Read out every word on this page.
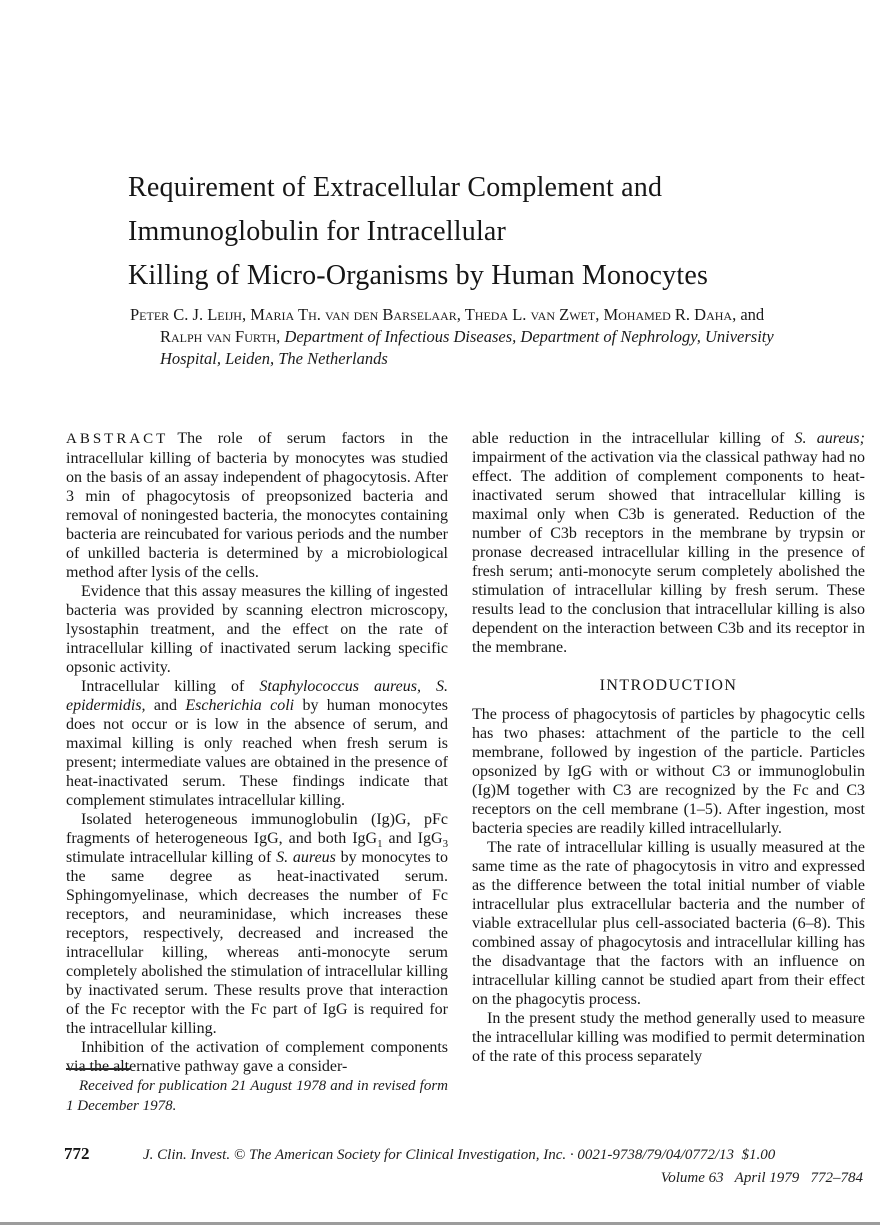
Requirement of Extracellular Complement and
Immunoglobulin for Intracellular
Killing of Micro-Organisms by Human Monocytes
Peter C. J. Leijh, Maria Th. van den Barselaar, Theda L. van Zwet, Mohamed R. Daha, and Ralph van Furth, Department of Infectious Diseases, Department of Nephrology, University Hospital, Leiden, The Netherlands

ABSTRACT The role of serum factors in the intracellular killing of bacteria by monocytes was studied on the basis of an assay independent of phagocytosis. After 3 min of phagocytosis of preopsonized bacteria and removal of noningested bacteria, the monocytes containing bacteria are reincubated for various periods and the number of unkilled bacteria is determined by a microbiological method after lysis of the cells.

Evidence that this assay measures the killing of ingested bacteria was provided by scanning electron microscopy, lysostaphin treatment, and the effect on the rate of intracellular killing of inactivated serum lacking specific opsonic activity.

Intracellular killing of Staphylococcus aureus, S. epidermidis, and Escherichia coli by human monocytes does not occur or is low in the absence of serum, and maximal killing is only reached when fresh serum is present; intermediate values are obtained in the presence of heat-inactivated serum. These findings indicate that complement stimulates intracellular killing.

Isolated heterogeneous immunoglobulin (Ig)G, pFc fragments of heterogeneous IgG, and both IgG$_1$ and IgG$_3$ stimulate intracellular killing of S. aureus by monocytes to the same degree as heat-inactivated serum. Sphingomyelinase, which decreases the number of Fc receptors, and neuraminidase, which increases these receptors, respectively, decreased and increased the intracellular killing, whereas anti-monocyte serum completely abolished the stimulation of intracellular killing by inactivated serum. These results prove that interaction of the Fc receptor with the Fc part of IgG is required for the intracellular killing.

Inhibition of the activation of complement components via the alternative pathway gave a consider-

able reduction in the intracellular killing of S. aureus; impairment of the activation via the classical pathway had no effect. The addition of complement components to heat-inactivated serum showed that intracellular killing is maximal only when C3b is generated. Reduction of the number of C3b receptors in the membrane by trypsin or pronase decreased intracellular killing in the presence of fresh serum; anti-monocyte serum completely abolished the stimulation of intracellular killing by fresh serum. These results lead to the conclusion that intracellular killing is also dependent on the interaction between C3b and its receptor in the membrane.

INTRODUCTION

The process of phagocytosis of particles by phagocytic cells has two phases: attachment of the particle to the cell membrane, followed by ingestion of the particle. Particles opsonized by IgG with or without C3 or immunoglobulin (Ig)M together with C3 are recognized by the Fc and C3 receptors on the cell membrane (1–5). After ingestion, most bacteria species are readily killed intracellularly.

The rate of intracellular killing is usually measured at the same time as the rate of phagocytosis in vitro and expressed as the difference between the total initial number of viable intracellular plus extracellular bacteria and the number of viable extracellular plus cell-associated bacteria (6–8). This combined assay of phagocytosis and intracellular killing has the disadvantage that the factors with an influence on intracellular killing cannot be studied apart from their effect on the phagocytis process.

In the present study the method generally used to measure the intracellular killing was modified to permit determination of the rate of this process separately

Received for publication 21 August 1978 and in revised form 1 December 1978.

772	J. Clin. Invest. © The American Society for Clinical Investigation, Inc. · 0021-9738/79/04/0772/13  $1.00
Volume 63   April 1979   772–784
